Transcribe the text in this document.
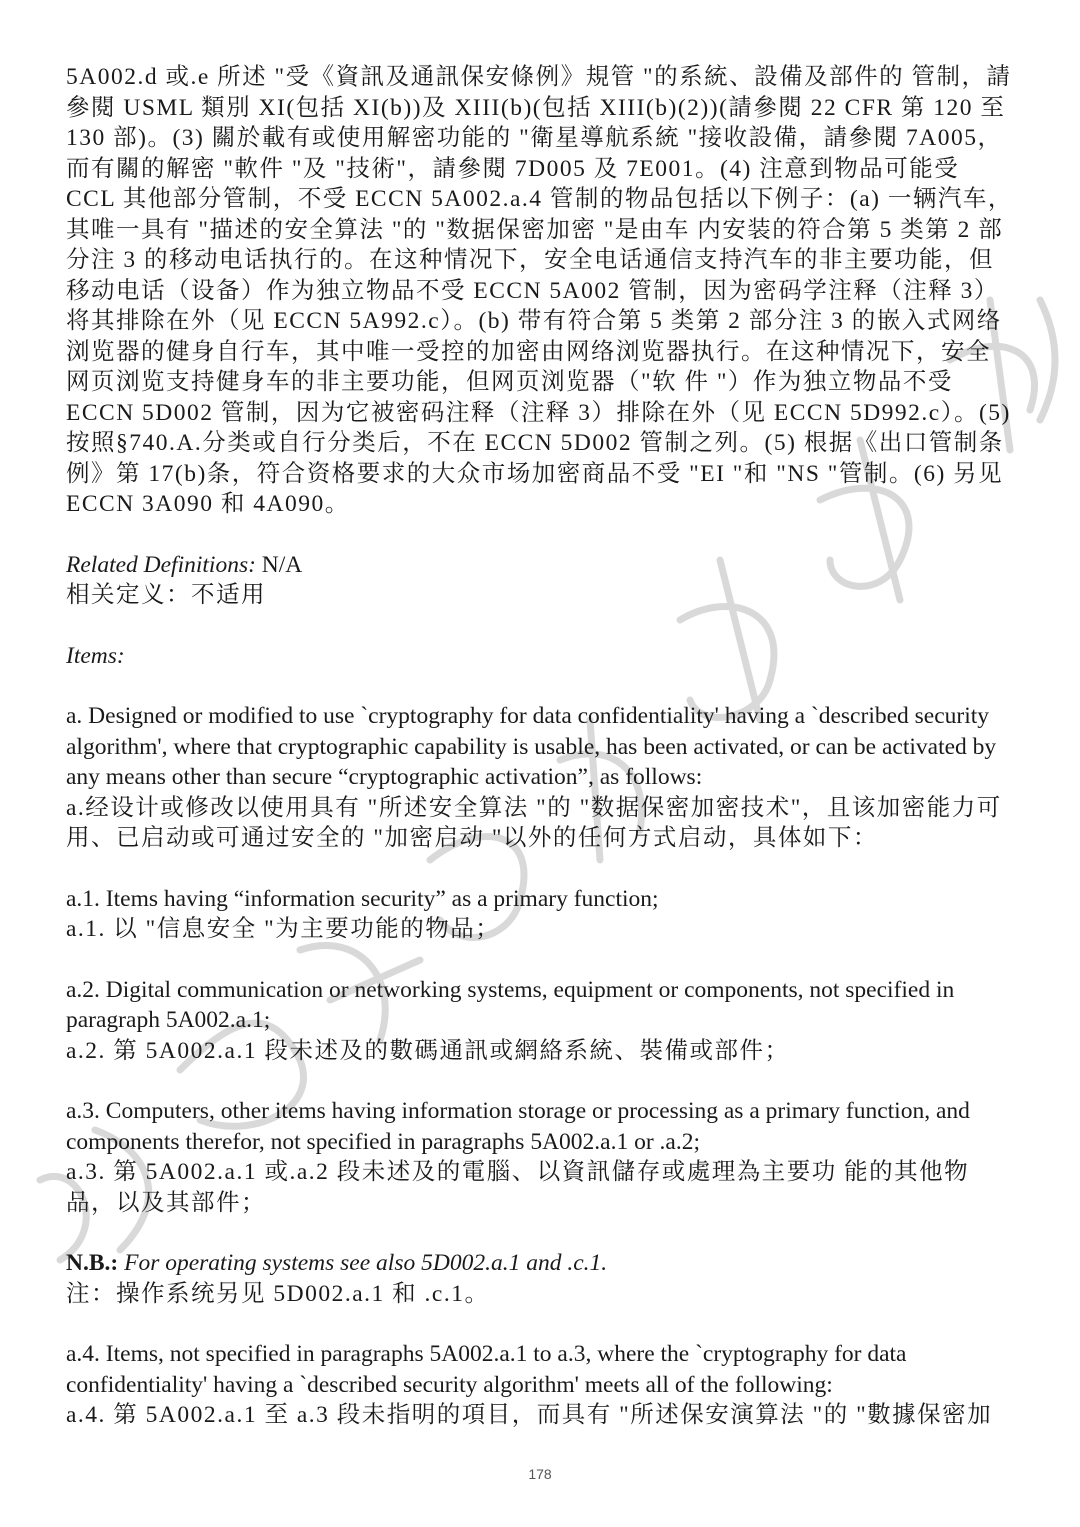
5A002.d 或.e 所述 "受《資訊及通訊保安條例》規管 "的系統、設備及部件的 管制，請參閱 USML 類別 XI(包括 XI(b))及 XIII(b)(包括 XIII(b)(2))(請參閱 22 CFR 第 120 至 130 部)。(3) 關於載有或使用解密功能的 "衛星導航系統 "接收設備，請參閱 7A005，而有關的解密 "軟件 "及 "技術"，請參閱 7D005 及 7E001。(4) 注意到物品可能受 CCL 其他部分管制，不受 ECCN 5A002.a.4 管制的物品包括以下例子：(a) 一辆汽车，其唯一具有 "描述的安全算法 "的 "数据保密加密 "是由车 内安装的符合第 5 类第 2 部分注 3 的移动电话执行的。在这种情况下，安全电话通信支持汽车的非主要功能，但移动电话（设备）作为独立物品不受 ECCN 5A002 管制，因为密码学注释（注释 3）将其排除在外（见 ECCN 5A992.c）。(b) 带有符合第 5 类第 2 部分注 3 的嵌入式网络浏览器的健身自行车，其中唯一受控的加密由网络浏览器执行。在这种情况下，安全网页浏览支持健身车的非主要功能，但网页浏览器（"软 件 "）作为独立物品不受 ECCN 5D002 管制，因为它被密码注释（注释 3）排除在外（见 ECCN 5D992.c）。(5) 按照§740.A.分类或自行分类后，不在 ECCN 5D002 管制之列。(5) 根据《出口管制条例》第 17(b)条，符合资格要求的大众市场加密商品不受 "EI "和 "NS "管制。(6) 另见 ECCN 3A090 和 4A090。

Related Definitions: N/A
相关定义：不适用

Items:

a. Designed or modified to use `cryptography for data confidentiality' having a `described security algorithm', where that cryptographic capability is usable, has been activated, or can be activated by any means other than secure “cryptographic activation”, as follows:
a.经设计或修改以使用具有 "所述安全算法 "的 "数据保密加密技术"，且该加密能力可用、已启动或可通过安全的 "加密启动 "以外的任何方式启动，具体如下：

a.1. Items having “information security” as a primary function;
a.1. 以 "信息安全 "为主要功能的物品；

a.2. Digital communication or networking systems, equipment or components, not specified in paragraph 5A002.a.1;
a.2. 第 5A002.a.1 段未述及的數碼通訊或網絡系統、裝備或部件；

a.3. Computers, other items having information storage or processing as a primary function, and components therefor, not specified in paragraphs 5A002.a.1 or .a.2;
a.3. 第 5A002.a.1 或.a.2 段未述及的電腦、以資訊儲存或處理為主要功 能的其他物品，以及其部件；

N.B.: For operating systems see also 5D002.a.1 and .c.1.
注：操作系统另见 5D002.a.1 和 .c.1。

a.4. Items, not specified in paragraphs 5A002.a.1 to a.3, where the `cryptography for data confidentiality' having a `described security algorithm' meets all of the following:
a.4. 第 5A002.a.1 至 a.3 段未指明的項目，而具有 "所述保安演算法 "的 "數據保密加

178
